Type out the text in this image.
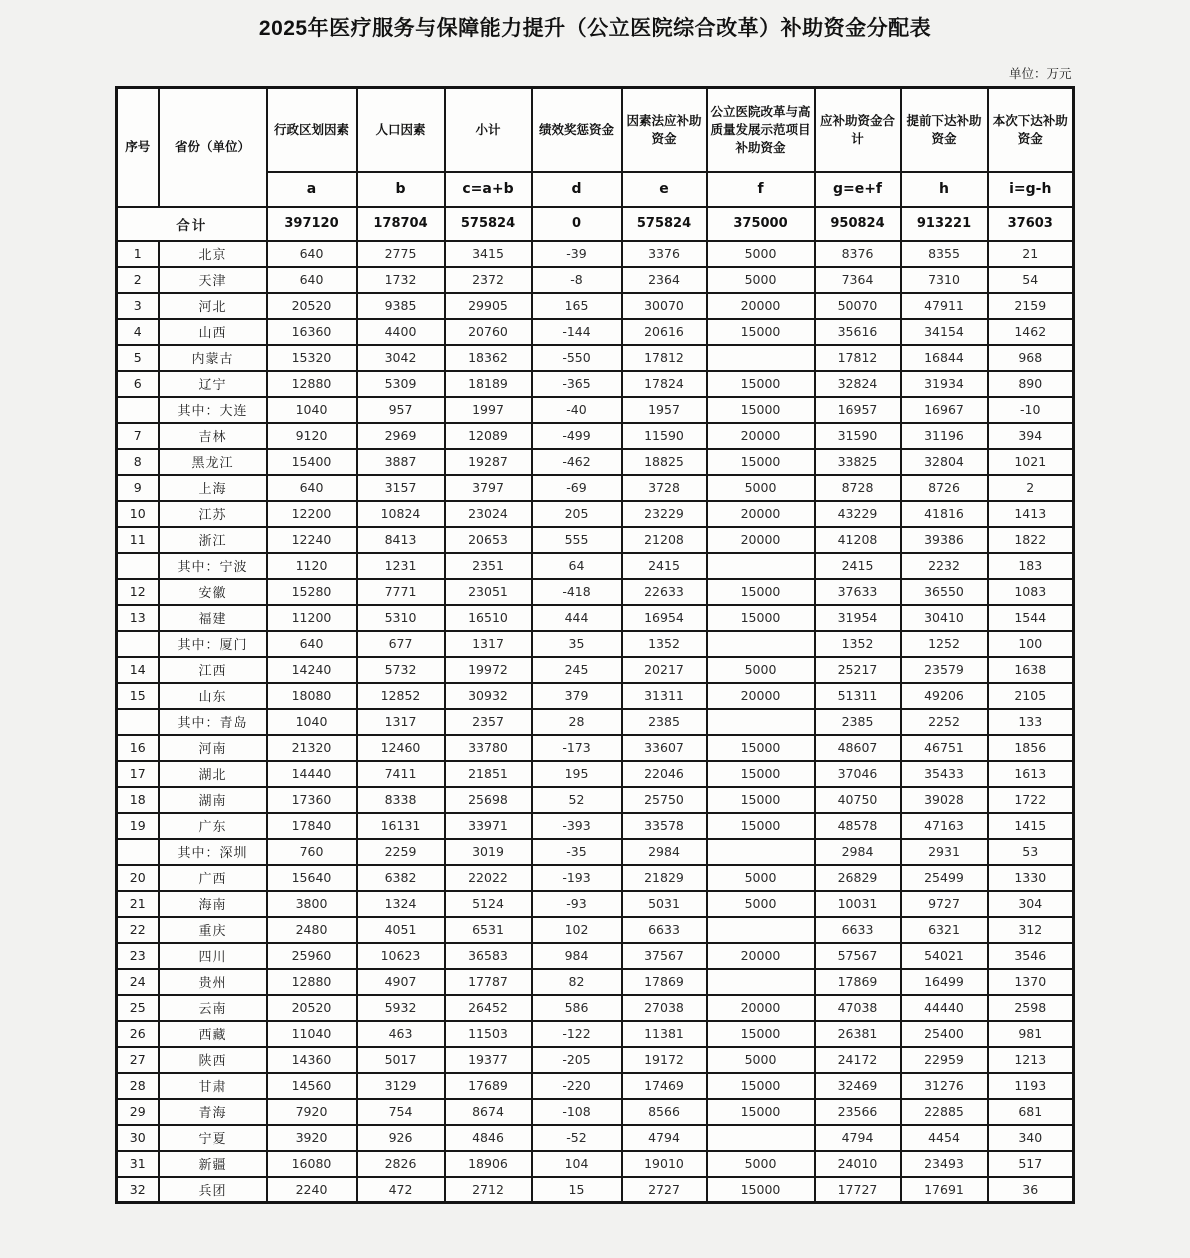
2025年医疗服务与保障能力提升（公立医院综合改革）补助资金分配表
单位：万元
序号	省份（单位）	行政区划因素	人口因素	小计	绩效奖惩资金	因素法应补助资金	公立医院改革与高质量发展示范项目补助资金	应补助资金合计	提前下达补助资金	本次下达补助资金
		a	b	c=a+b	d	e	f	g=e+f	h	i=g-h
合计		397120	178704	575824	0	575824	375000	950824	913221	37603
1	北京	640	2775	3415	-39	3376	5000	8376	8355	21
2	天津	640	1732	2372	-8	2364	5000	7364	7310	54
3	河北	20520	9385	29905	165	30070	20000	50070	47911	2159
4	山西	16360	4400	20760	-144	20616	15000	35616	34154	1462
5	内蒙古	15320	3042	18362	-550	17812		17812	16844	968
6	辽宁	12880	5309	18189	-365	17824	15000	32824	31934	890
	其中：大连	1040	957	1997	-40	1957	15000	16957	16967	-10
7	吉林	9120	2969	12089	-499	11590	20000	31590	31196	394
8	黑龙江	15400	3887	19287	-462	18825	15000	33825	32804	1021
9	上海	640	3157	3797	-69	3728	5000	8728	8726	2
10	江苏	12200	10824	23024	205	23229	20000	43229	41816	1413
11	浙江	12240	8413	20653	555	21208	20000	41208	39386	1822
	其中：宁波	1120	1231	2351	64	2415		2415	2232	183
12	安徽	15280	7771	23051	-418	22633	15000	37633	36550	1083
13	福建	11200	5310	16510	444	16954	15000	31954	30410	1544
	其中：厦门	640	677	1317	35	1352		1352	1252	100
14	江西	14240	5732	19972	245	20217	5000	25217	23579	1638
15	山东	18080	12852	30932	379	31311	20000	51311	49206	2105
	其中：青岛	1040	1317	2357	28	2385		2385	2252	133
16	河南	21320	12460	33780	-173	33607	15000	48607	46751	1856
17	湖北	14440	7411	21851	195	22046	15000	37046	35433	1613
18	湖南	17360	8338	25698	52	25750	15000	40750	39028	1722
19	广东	17840	16131	33971	-393	33578	15000	48578	47163	1415
	其中：深圳	760	2259	3019	-35	2984		2984	2931	53
20	广西	15640	6382	22022	-193	21829	5000	26829	25499	1330
21	海南	3800	1324	5124	-93	5031	5000	10031	9727	304
22	重庆	2480	4051	6531	102	6633		6633	6321	312
23	四川	25960	10623	36583	984	37567	20000	57567	54021	3546
24	贵州	12880	4907	17787	82	17869		17869	16499	1370
25	云南	20520	5932	26452	586	27038	20000	47038	44440	2598
26	西藏	11040	463	11503	-122	11381	15000	26381	25400	981
27	陕西	14360	5017	19377	-205	19172	5000	24172	22959	1213
28	甘肃	14560	3129	17689	-220	17469	15000	32469	31276	1193
29	青海	7920	754	8674	-108	8566	15000	23566	22885	681
30	宁夏	3920	926	4846	-52	4794		4794	4454	340
31	新疆	16080	2826	18906	104	19010	5000	24010	23493	517
32	兵团	2240	472	2712	15	2727	15000	17727	17691	36
